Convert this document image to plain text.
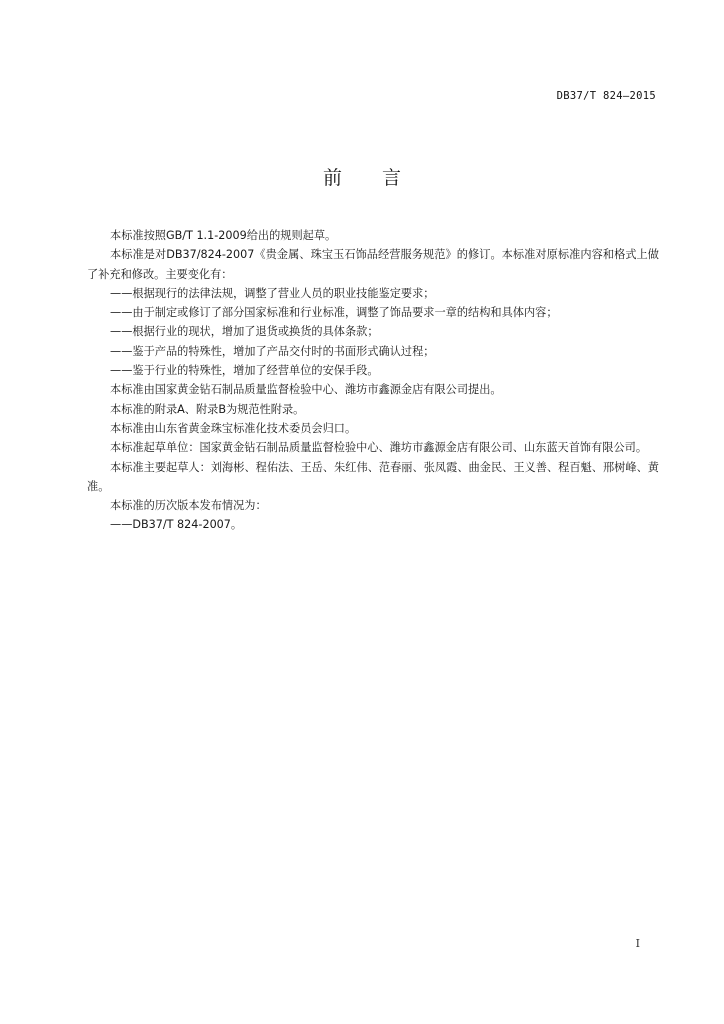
DB37/T 824—2015
前言

本标准按照GB/T 1.1-2009给出的规则起草。

本标准是对DB37/824-2007《贵金属、珠宝玉石饰品经营服务规范》的修订。本标准对原标准内容和格式上做了补充和修改。主要变化有：

——根据现行的法律法规，调整了营业人员的职业技能鉴定要求；

——由于制定或修订了部分国家标准和行业标准，调整了饰品要求一章的结构和具体内容；

——根据行业的现状，增加了退货或换货的具体条款；

——鉴于产品的特殊性，增加了产品交付时的书面形式确认过程；

——鉴于行业的特殊性，增加了经营单位的安保手段。

本标准由国家黄金钻石制品质量监督检验中心、潍坊市鑫源金店有限公司提出。

本标准的附录A、附录B为规范性附录。

本标准由山东省黄金珠宝标准化技术委员会归口。

本标准起草单位：国家黄金钻石制品质量监督检验中心、潍坊市鑫源金店有限公司、山东蓝天首饰有限公司。

本标准主要起草人：刘海彬、程佑法、王岳、朱红伟、范春丽、张凤霞、曲金民、王义善、程百魁、邢树峰、黄准。

本标准的历次版本发布情况为：

——DB37/T 824-2007。

I
